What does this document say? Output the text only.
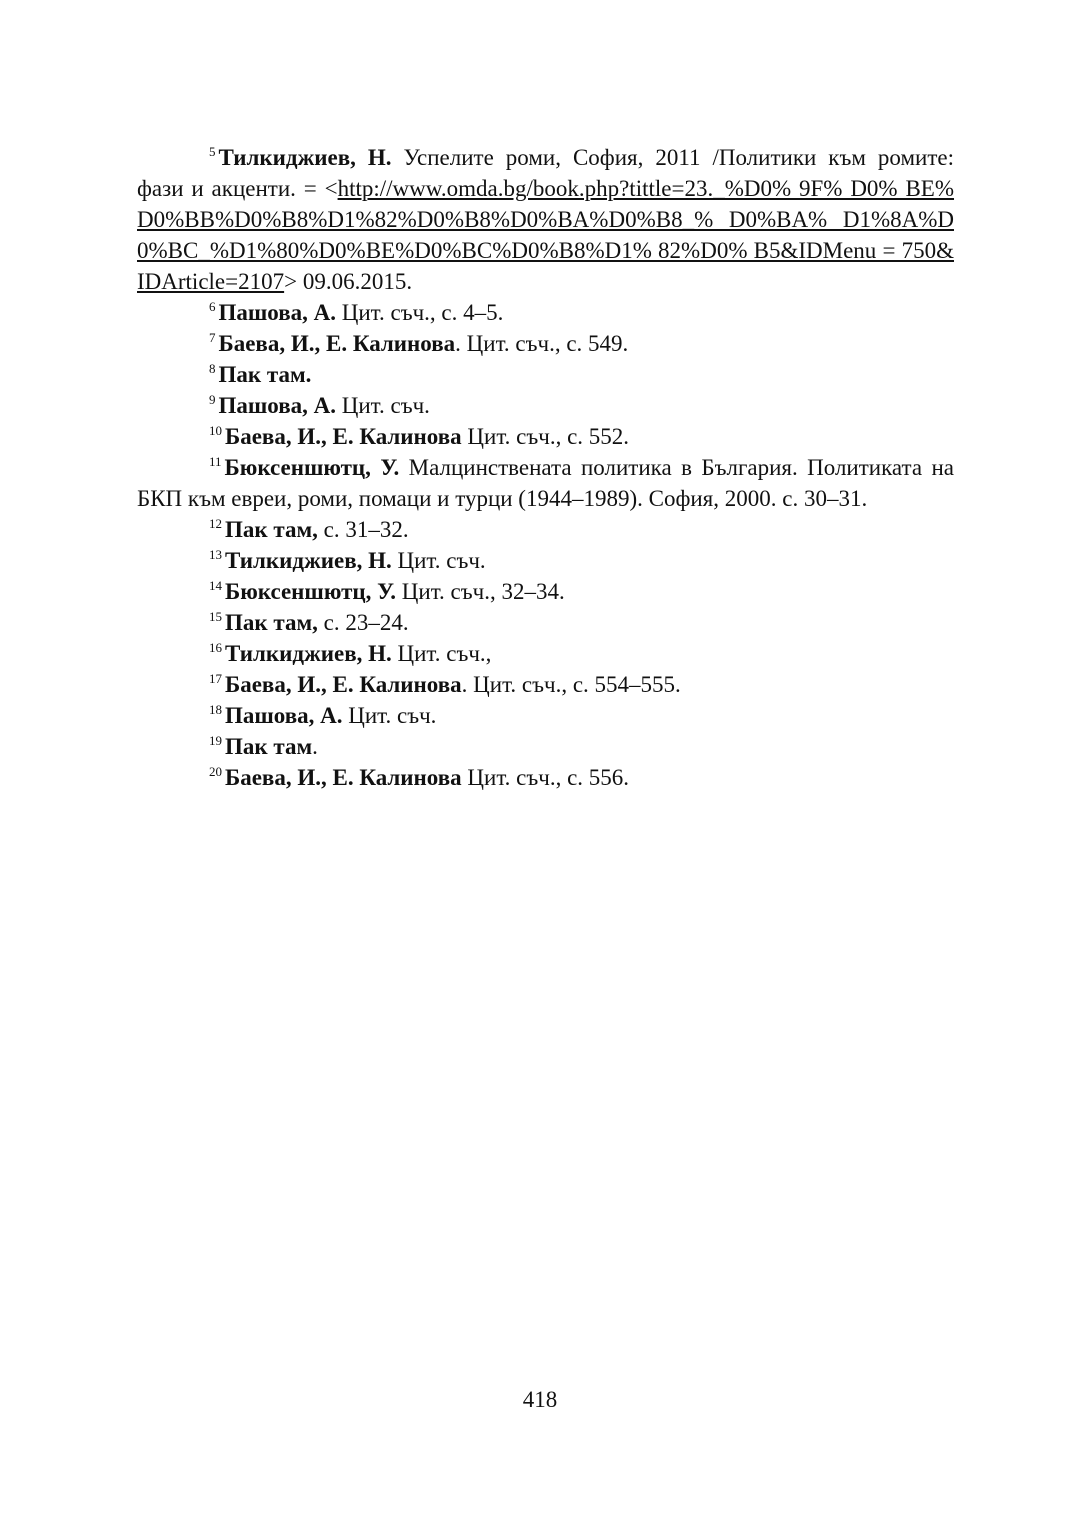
$^5$ Тилкиджиев, Н. Успелите роми, София, 2011 /Политики към ромите: фази и акценти. = <http://www.omda.bg/book.php?tittle=23._%D0% 9F% D0% BE%D0%BB%D0%B8%D1%82%D0%B8%D0%BA%D0%B8_% D0%BA% D1%8A%D0%BC_%D1%80%D0%BE%D0%BC%D0%B8%D1% 82%D0% B5&IDMenu = 750&IDArticle=2107> 09.06.2015.

$^6$ Пашова, А. Цит. съч., с. 4–5.

$^7$ Баева, И., Е. Калинова. Цит. съч., с. 549.

$^8$ Пак там.

$^9$ Пашова, А. Цит. съч.

$^{10}$ Баева, И., Е. Калинова Цит. съч., с. 552.

$^{11}$ Бюксеншютц, У. Малцинствената политика в България. Политиката на БКП към евреи, роми, помаци и турци (1944–1989). София, 2000. с. 30–31.

$^{12}$ Пак там, с. 31–32.

$^{13}$ Тилкиджиев, Н. Цит. съч.

$^{14}$ Бюксеншютц, У. Цит. съч., 32–34.

$^{15}$ Пак там, с. 23–24.

$^{16}$ Тилкиджиев, Н. Цит. съч.,

$^{17}$ Баева, И., Е. Калинова. Цит. съч., с. 554–555.

$^{18}$ Пашова, А. Цит. съч.

$^{19}$ Пак там.

$^{20}$ Баева, И., Е. Калинова Цит. съч., с. 556.

418
